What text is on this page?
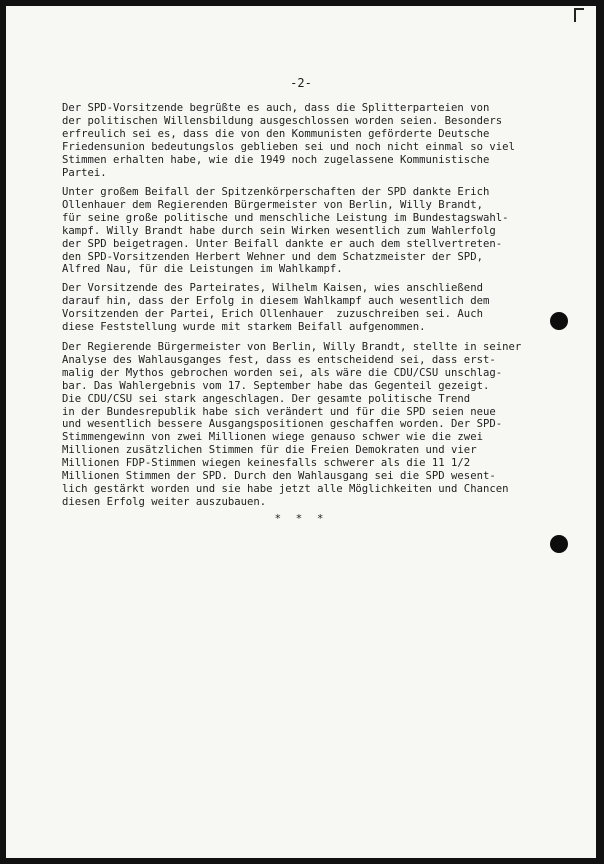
-2-

Der SPD-Vorsitzende begrüßte es auch, dass die Splitterparteien von
der politischen Willensbildung ausgeschlossen worden seien. Besonders
erfreulich sei es, dass die von den Kommunisten geförderte Deutsche
Friedensunion bedeutungslos geblieben sei und noch nicht einmal so viel
Stimmen erhalten habe, wie die 1949 noch zugelassene Kommunistische
Partei.

Unter großem Beifall der Spitzenkörperschaften der SPD dankte Erich
Ollenhauer dem Regierenden Bürgermeister von Berlin, Willy Brandt,
für seine große politische und menschliche Leistung im Bundestagswahl-
kampf. Willy Brandt habe durch sein Wirken wesentlich zum Wahlerfolg
der SPD beigetragen. Unter Beifall dankte er auch dem stellvertreten-
den SPD-Vorsitzenden Herbert Wehner und dem Schatzmeister der SPD,
Alfred Nau, für die Leistungen im Wahlkampf.

Der Vorsitzende des Parteirates, Wilhelm Kaisen, wies anschließend
darauf hin, dass der Erfolg in diesem Wahlkampf auch wesentlich dem
Vorsitzenden der Partei, Erich Ollenhauer  zuzuschreiben sei. Auch
diese Feststellung wurde mit starkem Beifall aufgenommen.

Der Regierende Bürgermeister von Berlin, Willy Brandt, stellte in seiner
Analyse des Wahlausganges fest, dass es entscheidend sei, dass erst-
malig der Mythos gebrochen worden sei, als wäre die CDU/CSU unschlag-
bar. Das Wahlergebnis vom 17. September habe das Gegenteil gezeigt.
Die CDU/CSU sei stark angeschlagen. Der gesamte politische Trend
in der Bundesrepublik habe sich verändert und für die SPD seien neue
und wesentlich bessere Ausgangspositionen geschaffen worden. Der SPD-
Stimmengewinn von zwei Millionen wiege genauso schwer wie die zwei
Millionen zusätzlichen Stimmen für die Freien Demokraten und vier
Millionen FDP-Stimmen wiegen keinesfalls schwerer als die 11 1/2
Millionen Stimmen der SPD. Durch den Wahlausgang sei die SPD wesent-
lich gestärkt worden und sie habe jetzt alle Möglichkeiten und Chancen
diesen Erfolg weiter auszubauen.

* * *
